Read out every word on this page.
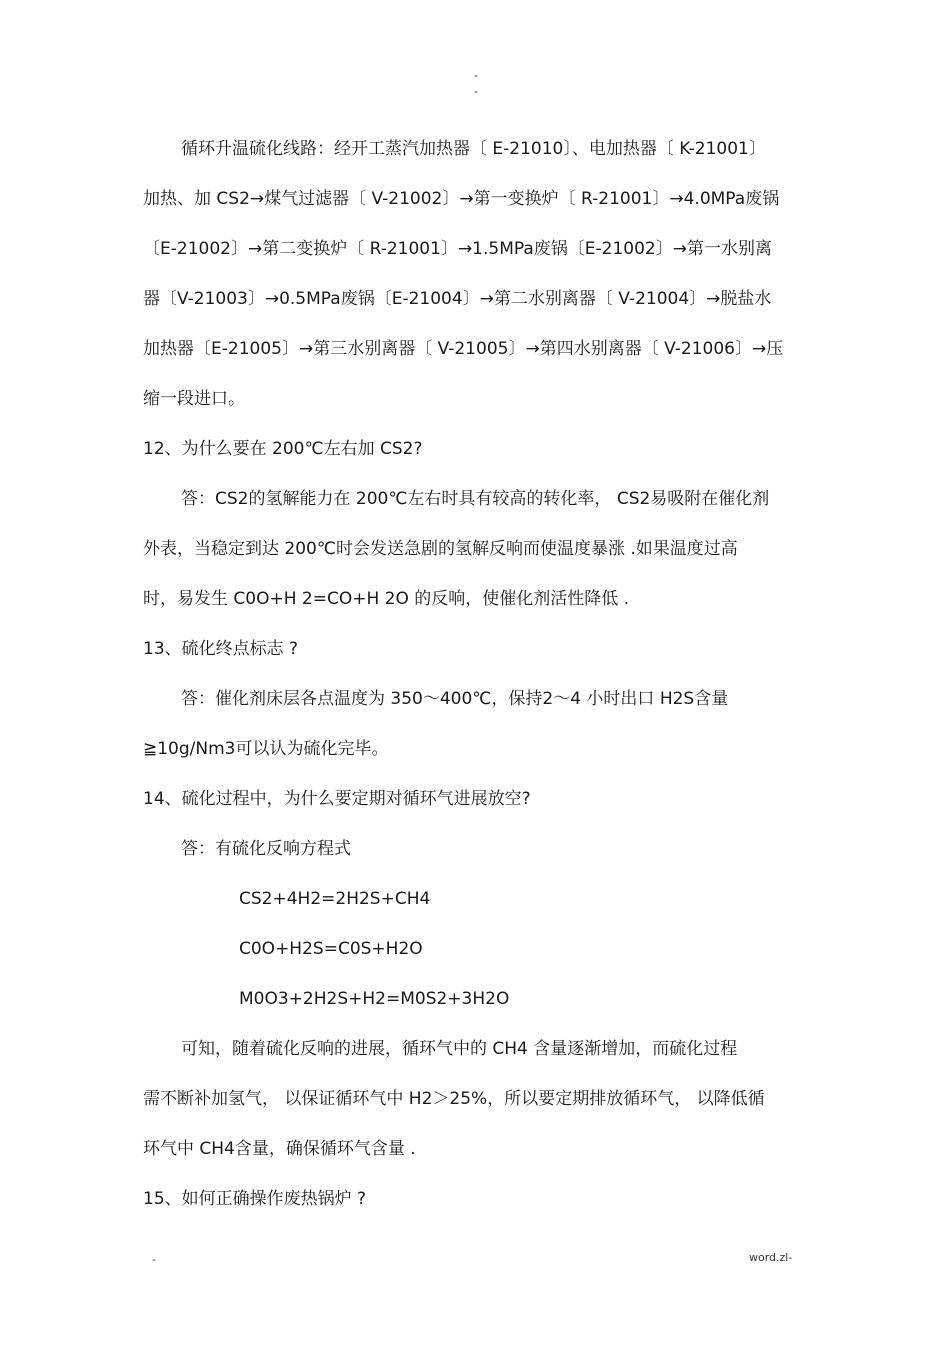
-
-
循环升温硫化线路：经开工蒸汽加热器〔 E-21010〕、电加热器〔 K-21001〕
加热、加 CS2→煤气过滤器〔 V-21002〕→第一变换炉〔 R-21001〕→4.0MPa废锅
〔E-21002〕→第二变换炉〔 R-21001〕→1.5MPa废锅〔E-21002〕→第一水别离
器〔V-21003〕→0.5MPa废锅〔E-21004〕→第二水别离器〔 V-21004〕→脱盐水
加热器〔E-21005〕→第三水别离器〔 V-21005〕→第四水别离器〔 V-21006〕→压
缩一段进口。
12、为什么要在 200℃左右加 CS2?
答：CS2的氢解能力在 200℃左右时具有较高的转化率， CS2易吸附在催化剂
外表，当稳定到达 200℃时会发送急剧的氢解反响而使温度暴涨 .如果温度过高
时，易发生 C0O+H 2=CO+H 2O 的反响，使催化剂活性降低 .
13、硫化终点标志 ?
答：催化剂床层各点温度为 350～400℃，保持2～4 小时出口 H2S含量
≧10g/Nm3可以认为硫化完毕。
14、硫化过程中，为什么要定期对循环气进展放空?
答：有硫化反响方程式
CS2+4H2=2H2S+CH4
C0O+H2S=C0S+H2O
M0O3+2H2S+H2=M0S2+3H2O
可知，随着硫化反响的进展，循环气中的 CH4 含量逐渐增加，而硫化过程
需不断补加氢气， 以保证循环气中 H2＞25%，所以要定期排放循环气， 以降低循
环气中 CH4含量，确保循环气含量 .
15、如何正确操作废热锅炉 ?
-	word.zl-
